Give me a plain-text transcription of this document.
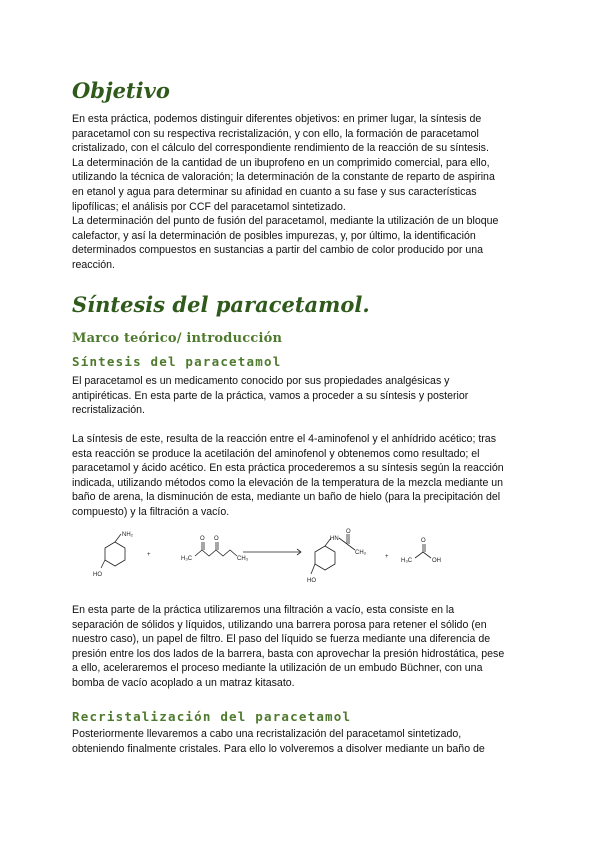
Objetivo

En esta práctica, podemos distinguir diferentes objetivos: en primer lugar, la síntesis de
paracetamol con su respectiva recristalización, y con ello, la formación de paracetamol
cristalizado, con el cálculo del correspondiente rendimiento de la reacción de su síntesis.
La determinación de la cantidad de un ibuprofeno en un comprimido comercial, para ello,
utilizando la técnica de valoración; la determinación de la constante de reparto de aspirina
en etanol y agua para determinar su afinidad en cuanto a su fase y sus características
lipofílicas; el análisis por CCF del paracetamol sintetizado.
La determinación del punto de fusión del paracetamol, mediante la utilización de un bloque
calefactor, y así la determinación de posibles impurezas, y, por último, la identificación
determinados compuestos en sustancias a partir del cambio de color producido por una
reacción.

Síntesis del paracetamol.
Marco teórico/ introducción
Síntesis del paracetamol

El paracetamol es un medicamento conocido por sus propiedades analgésicas y
antipiréticas. En esta parte de la práctica, vamos a proceder a su síntesis y posterior
recristalización.

La síntesis de este, resulta de la reacción entre el 4-aminofenol y el anhídrido acético; tras
esta reacción se produce la acetilación del aminofenol y obtenemos como resultado; el
paracetamol y ácido acético. En esta práctica procederemos a su síntesis según la reacción
indicada, utilizando métodos como la elevación de la temperatura de la mezcla mediante un
baño de arena, la disminución de esta, mediante un baño de hielo (para la precipitación del
compuesto) y la filtración a vacío.

NH₂
HO
+
H₃C
O O
CH₃
HN
O
CH₃
HO
+
H₃C
O
OH

En esta parte de la práctica utilizaremos una filtración a vacío, esta consiste en la
separación de sólidos y líquidos, utilizando una barrera porosa para retener el sólido (en
nuestro caso), un papel de filtro. El paso del líquido se fuerza mediante una diferencia de
presión entre los dos lados de la barrera, basta con aprovechar la presión hidrostática, pese
a ello, aceleraremos el proceso mediante la utilización de un embudo Büchner, con una
bomba de vacío acoplado a un matraz kitasato.

Recristalización del paracetamol

Posteriormente llevaremos a cabo una recristalización del paracetamol sintetizado,
obteniendo finalmente cristales. Para ello lo volveremos a disolver mediante un baño de
